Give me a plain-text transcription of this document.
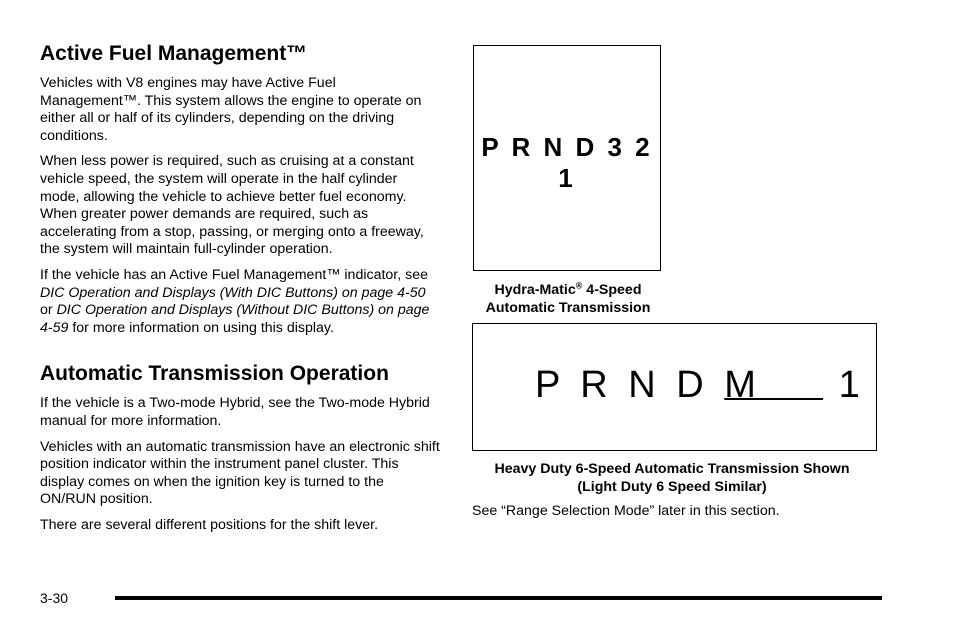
Active Fuel Management™

Vehicles with V8 engines may have Active Fuel Management™. This system allows the engine to operate on either all or half of its cylinders, depending on the driving conditions.

When less power is required, such as cruising at a constant vehicle speed, the system will operate in the half cylinder mode, allowing the vehicle to achieve better fuel economy. When greater power demands are required, such as accelerating from a stop, passing, or merging onto a freeway, the system will maintain full-cylinder operation.

If the vehicle has an Active Fuel Management™ indicator, see DIC Operation and Displays (With DIC Buttons) on page 4-50 or DIC Operation and Displays (Without DIC Buttons) on page 4-59 for more information on using this display.

Automatic Transmission Operation

If the vehicle is a Two-mode Hybrid, see the Two-mode Hybrid manual for more information.

Vehicles with an automatic transmission have an electronic shift position indicator within the instrument panel cluster. This display comes on when the ignition key is turned to the ON/RUN position.

There are several different positions for the shift lever.

P R N D 3 2 1
Hydra-Matic® 4-Speed
Automatic Transmission
P R N D M     1
Heavy Duty 6-Speed Automatic Transmission Shown
(Light Duty 6 Speed Similar)
See “Range Selection Mode” later in this section.
3-30
